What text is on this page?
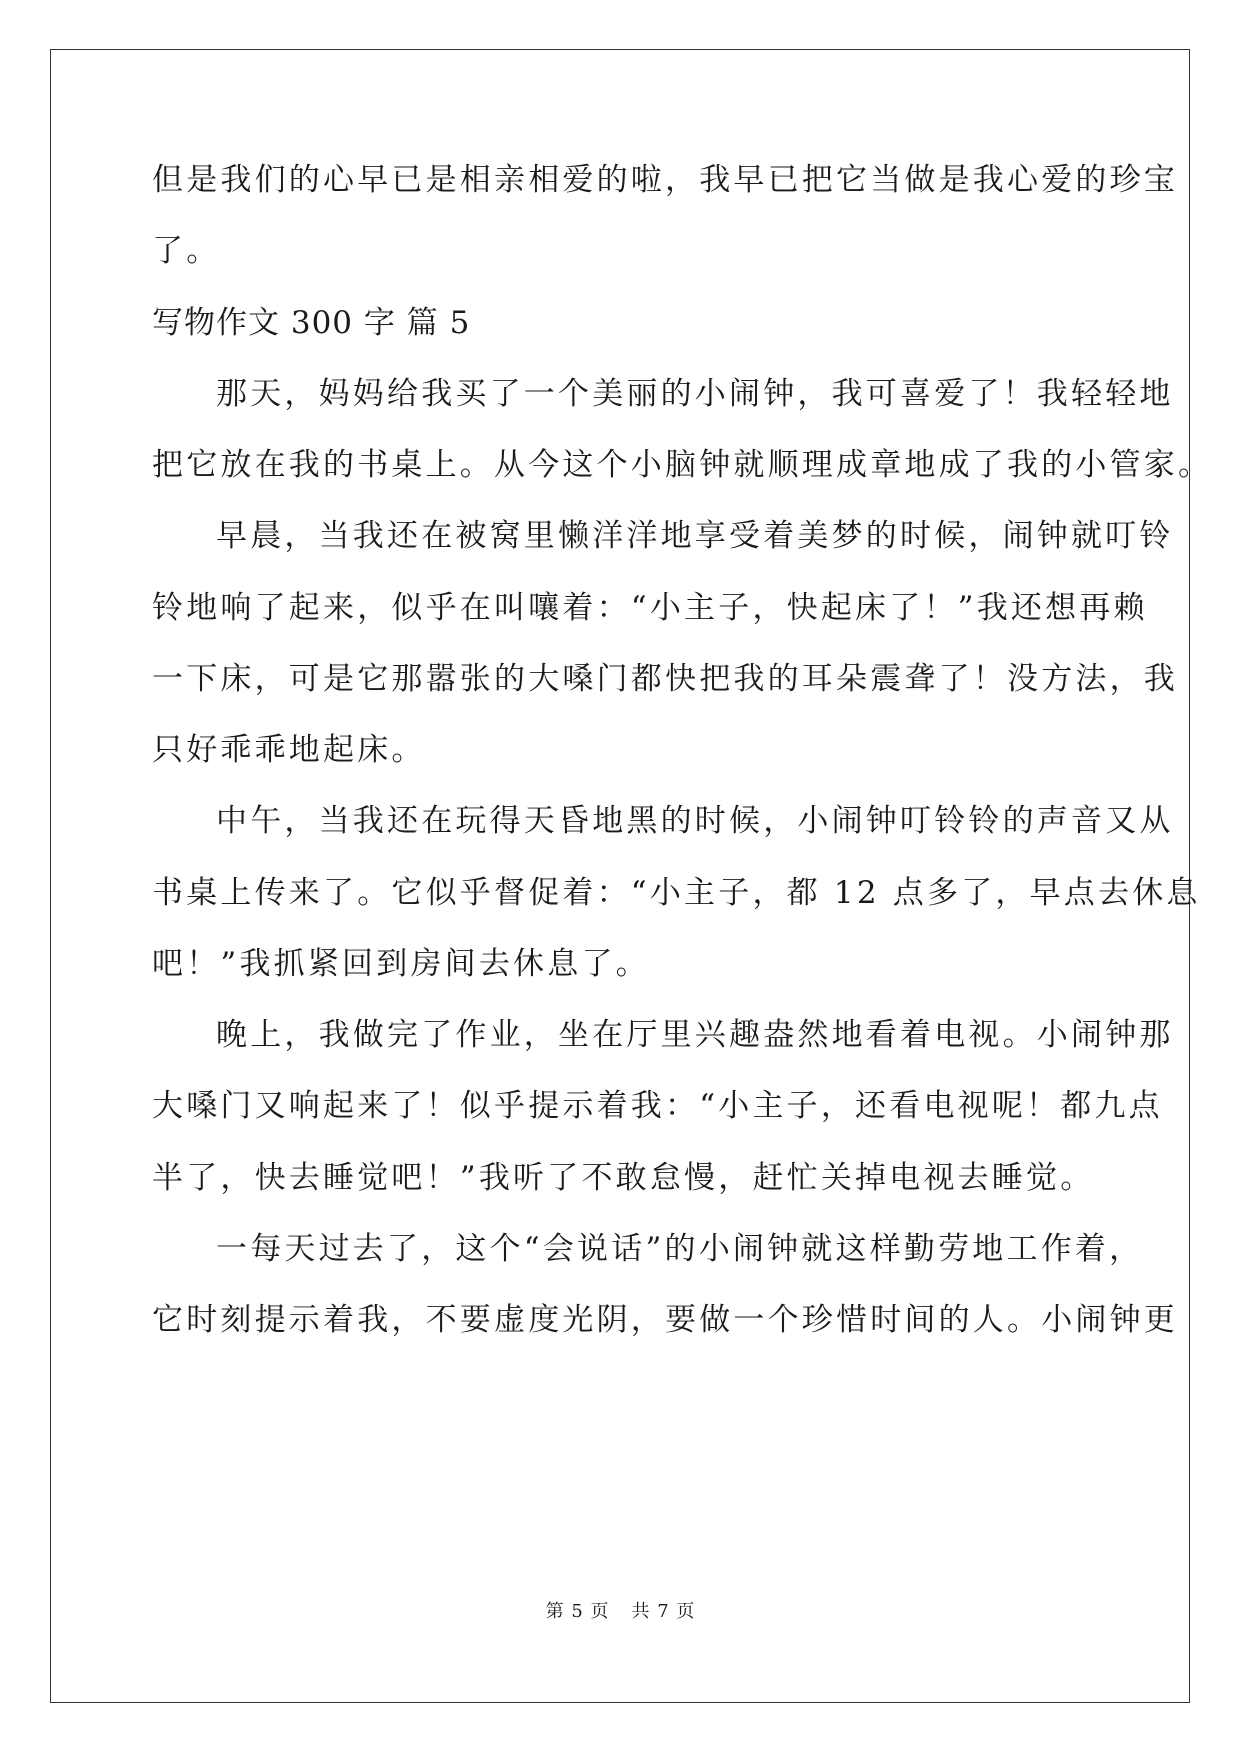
但是我们的心早已是相亲相爱的啦，我早已把它当做是我心爱的珍宝
了。
写物作文 300 字 篇 5
那天，妈妈给我买了一个美丽的小闹钟，我可喜爱了！我轻轻地
把它放在我的书桌上。从今这个小脑钟就顺理成章地成了我的小管家。
早晨，当我还在被窝里懒洋洋地享受着美梦的时候，闹钟就叮铃
铃地响了起来，似乎在叫嚷着：“小主子，快起床了！”我还想再赖
一下床，可是它那嚣张的大嗓门都快把我的耳朵震聋了！没方法，我
只好乖乖地起床。
中午，当我还在玩得天昏地黑的时候，小闹钟叮铃铃的声音又从
书桌上传来了。它似乎督促着：“小主子，都 12 点多了，早点去休息
吧！”我抓紧回到房间去休息了。
晚上，我做完了作业，坐在厅里兴趣盎然地看着电视。小闹钟那
大嗓门又响起来了！似乎提示着我：“小主子，还看电视呢！都九点
半了，快去睡觉吧！”我听了不敢怠慢，赶忙关掉电视去睡觉。
一每天过去了，这个“会说话”的小闹钟就这样勤劳地工作着，
它时刻提示着我，不要虚度光阴，要做一个珍惜时间的人。小闹钟更
第 5 页 共 7 页
